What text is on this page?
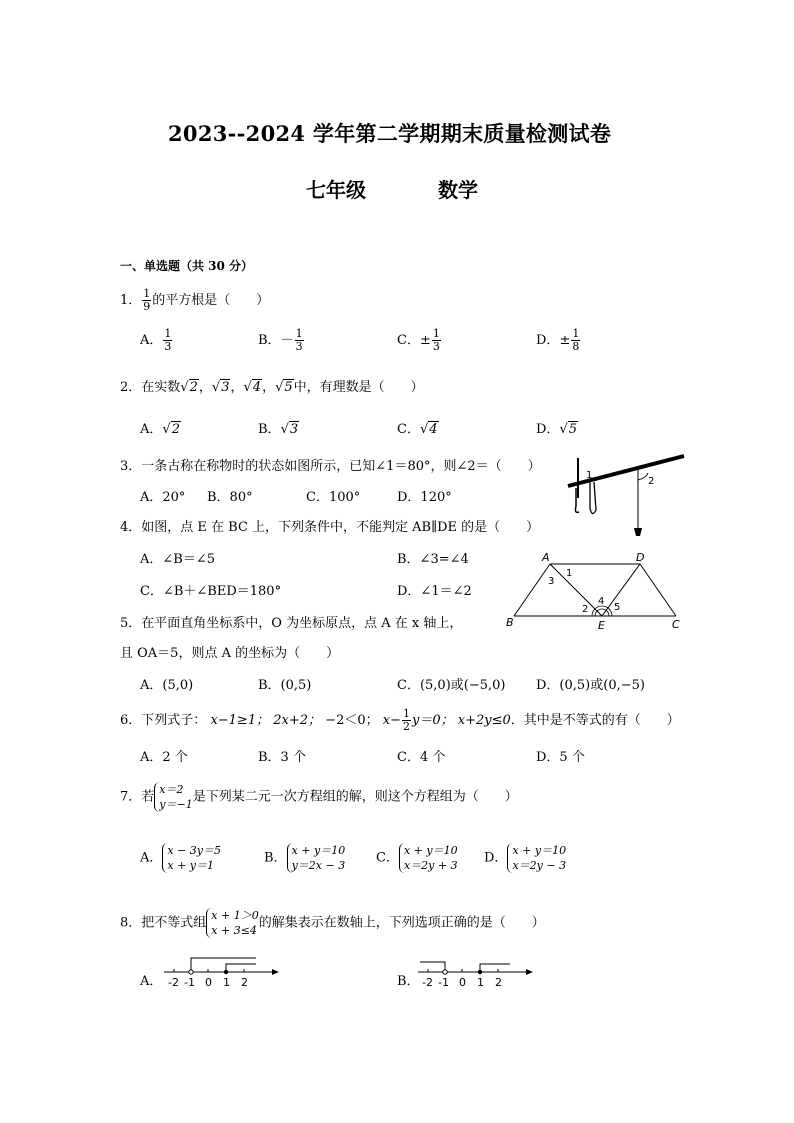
2023--2024 学年第二学期期末质量检测试卷
七年级	数学
一、单选题（共 30 分）
1． $\frac{1}{9}$ 的平方根是（　　）
A． $\frac{1}{3}$	B．－ $\frac{1}{3}$	C．± $\frac{1}{3}$	D．± $\frac{1}{8}$
2．在实数√2，√3，√4，√5中，有理数是（　　）
A．√2	B．√3	C．√4	D．√5
3．一条古称在称物时的状态如图所示，已知∠1＝80°，则∠2＝（　　）
A．20° B．80°	C．100°	D．120°
1
2
4．如图，点 E 在 BC 上，下列条件中，不能判定 AB∥DE 的是（　　）
A．∠B＝∠5	B．∠3=∠4
C．∠B＋∠BED＝180°	D．∠1＝∠2
A	D
B	C
E
1
2
3
4
5
5．在平面直角坐标系中，O 为坐标原点，点 A 在 x 轴上，
且 OA＝5，则点 A 的坐标为（　　）
A．(5,0)	B．(0,5)	C．(5,0)或(−5,0) D．(0,5)或(0,−5)
6．下列式子： x−1≥1； 2x+2； −2＜0； $x- \frac{1}{2} y=0$； x+2y≤0．其中是不等式的有（　　）
A．2 个	B．3 个	C．4 个	D．5 个
7．若 x＝2
y＝−1 是下列某二元一次方程组的解，则这个方程组为（　　）
A． x − 3y＝5
x + y＝1	B． x + y＝10
y＝2x − 3 C． x + y＝10
x＝2y + 3 D． x + y＝10
x＝2y − 3
8．把不等式组 x + 1＞0
x + 3≤4 的解集表示在数轴上，下列选项正确的是（　　）
A． -2 -1 0 1 2	B． -2 -1 0 1 2
